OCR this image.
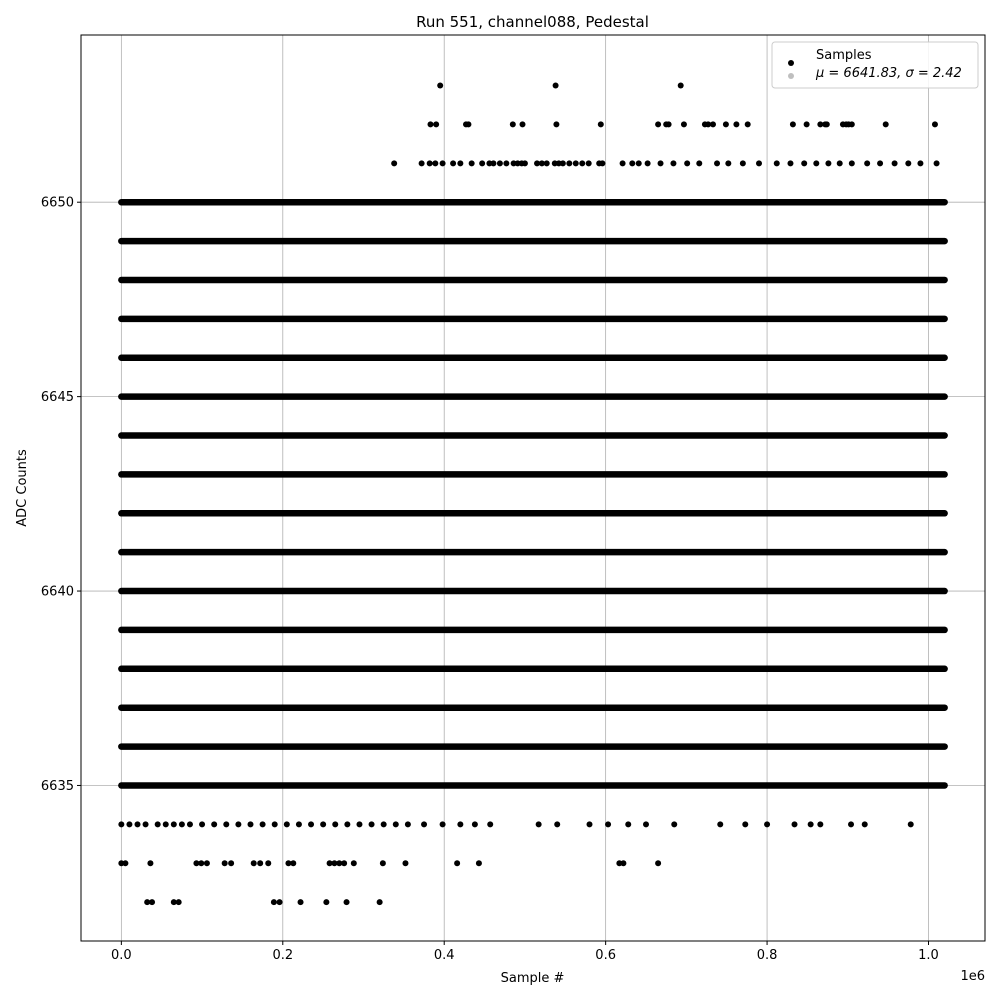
Run 551, channel088, Pedestal
0.0	0.2	0.4	0.6	0.8	1.0
6635
6640
6645
6650
Sample #	1e6
ADC Counts
Samples
μ = 6641.83, σ = 2.42
